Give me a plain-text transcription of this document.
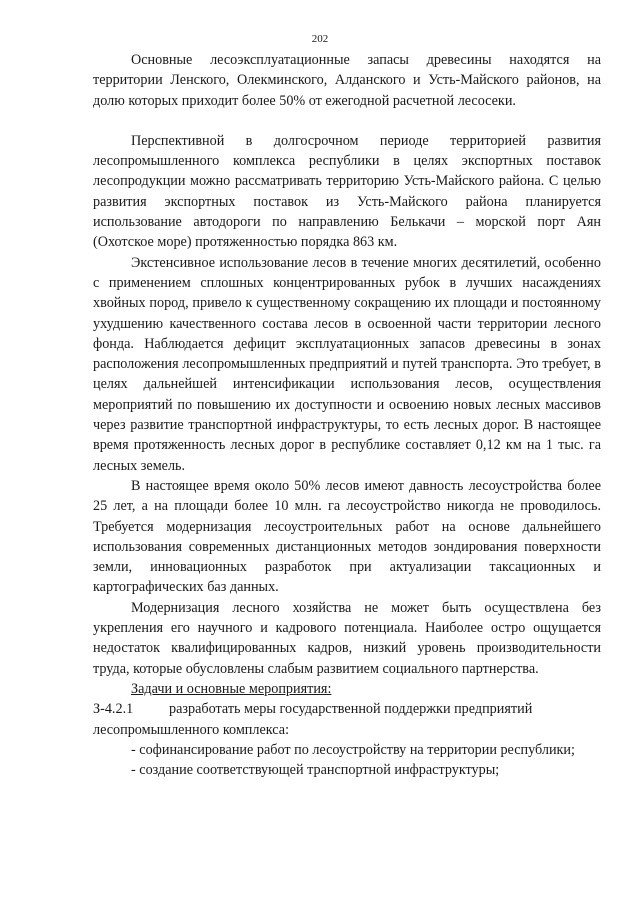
202

Основные лесоэксплуатационные запасы древесины находятся на территории Ленского, Олекминского, Алданского и Усть-Майского районов, на долю которых приходит более 50% от ежегодной расчетной лесосеки.

Перспективной в долгосрочном периоде территорией развития лесопромышленного комплекса республики в целях экспортных поставок лесопродукции можно рассматривать территорию Усть-Майского района. С целью развития экспортных поставок из Усть-Майского района планируется использование автодороги по направлению Белькачи – морской порт Аян (Охотское море) протяженностью порядка 863 км.

Экстенсивное использование лесов в течение многих десятилетий, особенно с применением сплошных концентрированных рубок в лучших насаждениях хвойных пород, привело к существенному сокращению их площади и постоянному ухудшению качественного состава лесов в освоенной части территории лесного фонда. Наблюдается дефицит эксплуатационных запасов древесины в зонах расположения лесопромышленных предприятий и путей транспорта. Это требует, в целях дальнейшей интенсификации использования лесов, осуществления мероприятий по повышению их доступности и освоению новых лесных массивов через развитие транспортной инфраструктуры, то есть лесных дорог. В настоящее время протяженность лесных дорог в республике составляет 0,12 км на 1 тыс. га лесных земель.

В настоящее время около 50% лесов имеют давность лесоустройства более 25 лет, а на площади более 10 млн. га лесоустройство никогда не проводилось. Требуется модернизация лесоустроительных работ на основе дальнейшего использования современных дистанционных методов зондирования поверхности земли, инновационных разработок при актуализации таксационных и картографических баз данных.

Модернизация лесного хозяйства не может быть осуществлена без укрепления его научного и кадрового потенциала. Наиболее остро ощущается недостаток квалифицированных кадров, низкий уровень производительности труда, которые обусловлены слабым развитием социального партнерства.

Задачи и основные мероприятия:

З-4.2.1	разработать меры государственной поддержки предприятий

лесопромышленного комплекса:

- софинансирование работ по лесоустройству на территории республики;

- создание соответствующей транспортной инфраструктуры;
